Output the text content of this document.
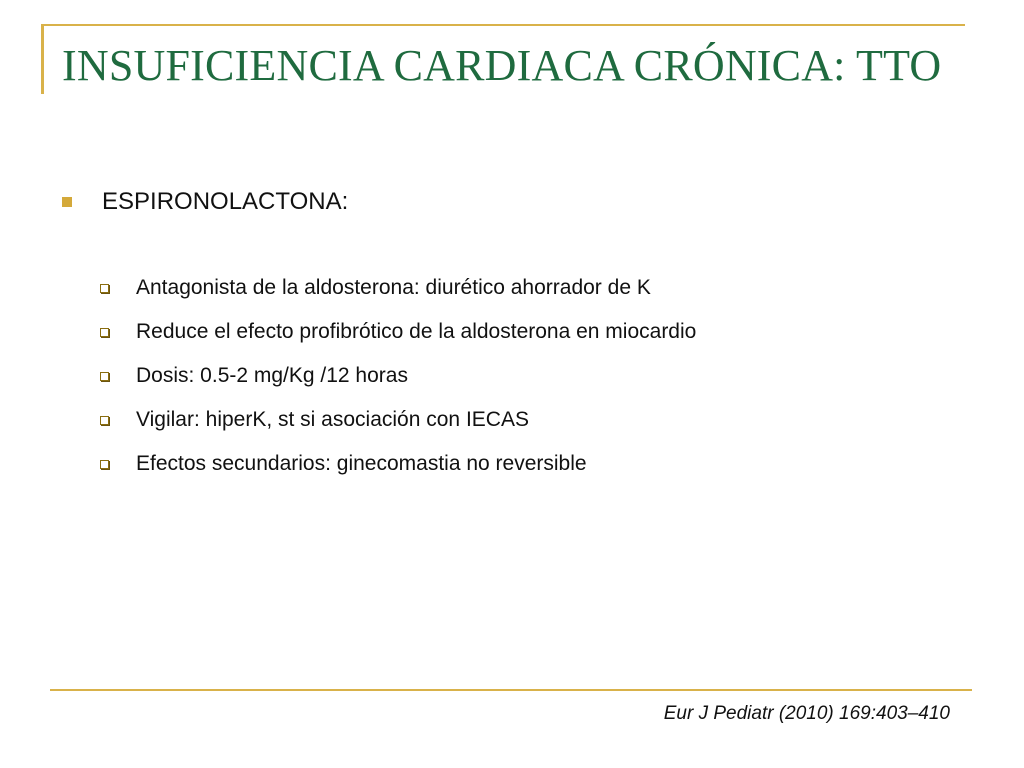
INSUFICIENCIA CARDIACA CRÓNICA: TTO
ESPIRONOLACTONA:
Antagonista de la aldosterona: diurético ahorrador de K
Reduce el efecto profibrótico de la aldosterona en miocardio
Dosis: 0.5-2 mg/Kg /12 horas
Vigilar: hiperK, st si asociación con IECAS
Efectos secundarios: ginecomastia no reversible
Eur J Pediatr (2010) 169:403–410
